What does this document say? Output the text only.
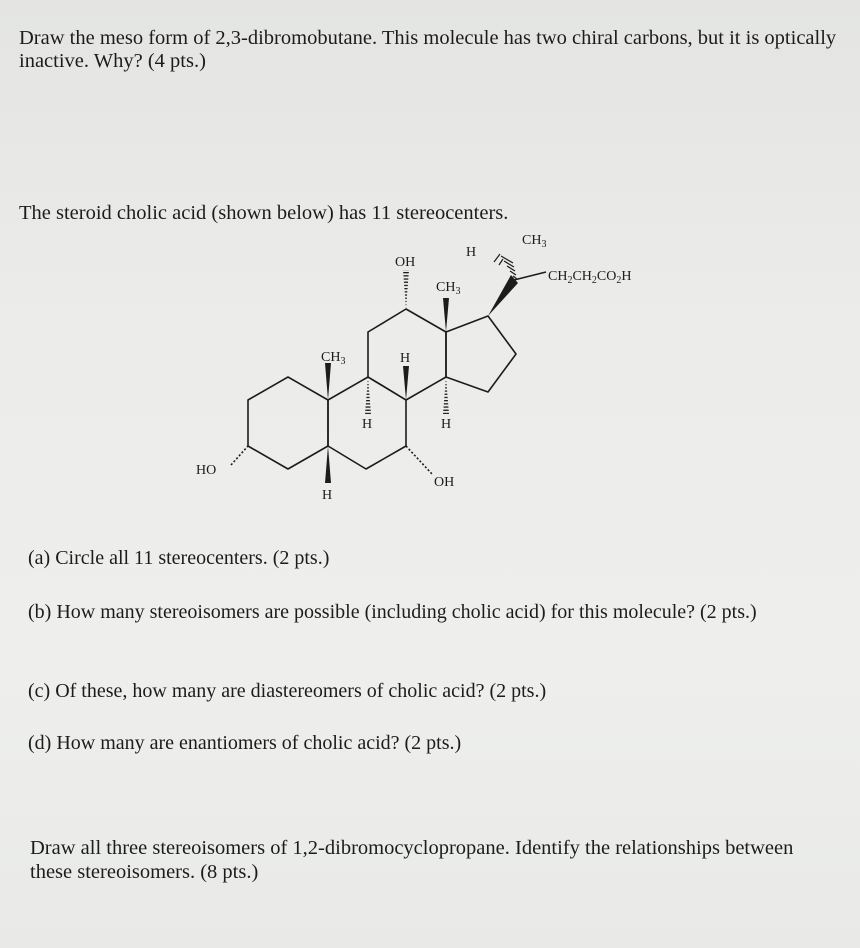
Draw the meso form of 2,3-dibromobutane. This molecule has two chiral carbons, but it is optically inactive. Why? (4 pts.)

The steroid cholic acid (shown below) has 11 stereocenters.

$CH_3$
H
$CH_2CH_2CO_2H$
OH
$CH_3$
$CH_3$	H
H	H
OH
HO
H

(a) Circle all 11 stereocenters. (2 pts.)

(b) How many stereoisomers are possible (including cholic acid) for this molecule? (2 pts.)

(c) Of these, how many are diastereomers of cholic acid? (2 pts.)

(d) How many are enantiomers of cholic acid? (2 pts.)

Draw all three stereoisomers of 1,2-dibromocyclopropane. Identify the relationships between these stereoisomers. (8 pts.)
